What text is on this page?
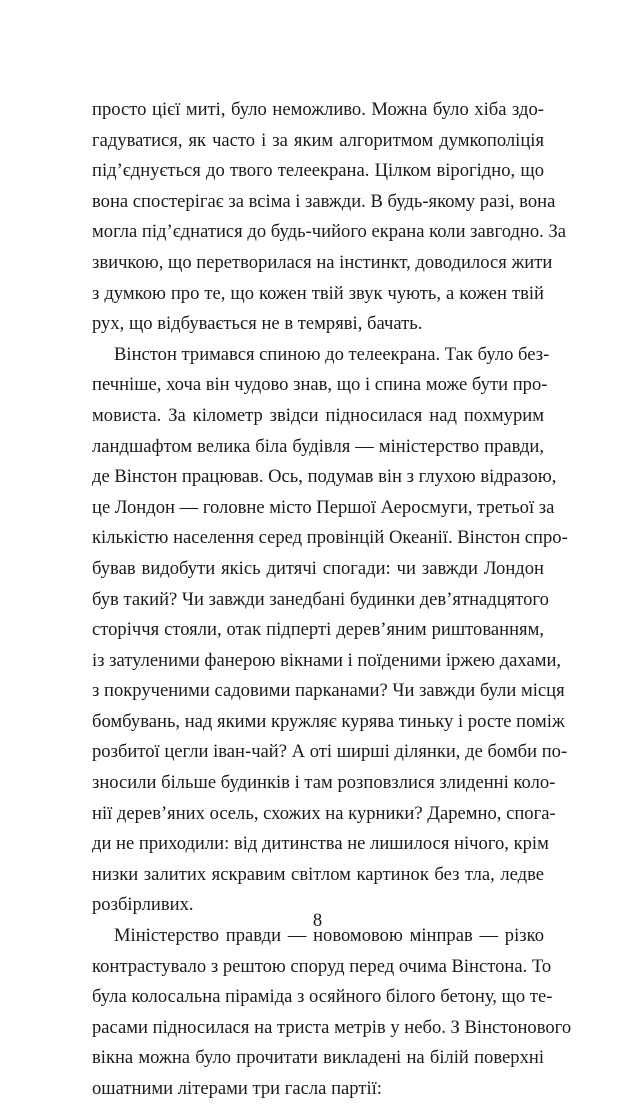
просто цієї миті, було неможливо. Можна було хіба здо-
гадуватися, як часто і за яким алгоритмом думкополіція
під’єднується до твого телеекрана. Цілком вірогідно, що
вона спостерігає за всіма і завжди. В будь-якому разі, вона
могла під’єднатися до будь-чийого екрана коли завгодно. За
звичкою, що перетворилася на інстинкт, доводилося жити
з думкою про те, що кожен твій звук чують, а кожен твій
рух, що відбувається не в темряві, бачать.
Вінстон тримався спиною до телеекрана. Так було без-
печніше, хоча він чудово знав, що і спина може бути про-
мовиста. За кілометр звідси підносилася над похмурим
ландшафтом велика біла будівля — міністерство правди,
де Вінстон працював. Ось, подумав він з глухою відразою,
це Лондон — головне місто Першої Аеросмуги, третьої за
кількістю населення серед провінцій Океанії. Вінстон спро-
бував видобути якісь дитячі спогади: чи завжди Лондон
був такий? Чи завжди занедбані будинки дев’ятнадцятого
сторіччя стояли, отак підперті дерев’яним риштованням,
із затуленими фанерою вікнами і поїденими іржею дахами,
з покрученими садовими парканами? Чи завжди були місця
бомбувань, над якими кружляє курява тиньку і росте поміж
розбитої цегли іван-чай? А оті ширші ділянки, де бомби по-
зносили більше будинків і там розповзлися злиденні коло-
нії дерев’яних осель, схожих на курники? Даремно, спога-
ди не приходили: від дитинства не лишилося нічого, крім
низки залитих яскравим світлом картинок без тла, ледве
розбірливих.
Міністерство правди — новомовою мінправ — різко
контрастувало з рештою споруд перед очима Вінстона. То
була колосальна піраміда з осяйного білого бетону, що те-
расами підносилася на триста метрів у небо. З Вінстонового
вікна можна було прочитати викладені на білій поверхні
ошатними літерами три гасла партії:
8
